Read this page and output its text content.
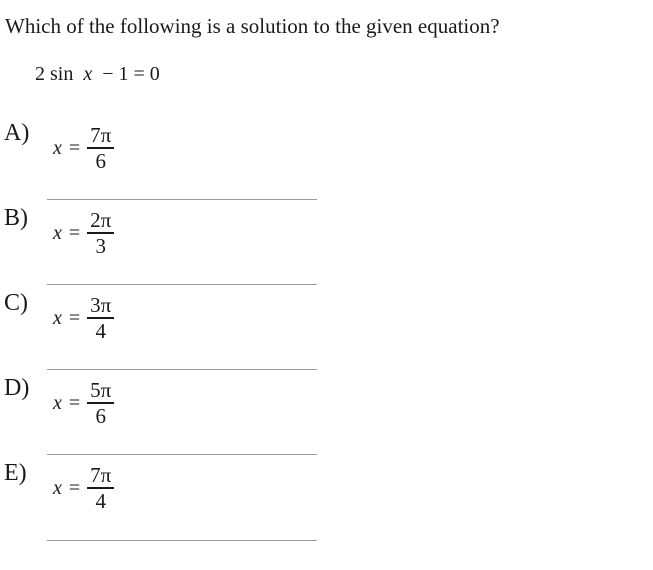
Which of the following is a solution to the given equation?
2 sin x − 1 = 0
A)
$x = \frac{7\pi}{6}$
B)
$x = \frac{2\pi}{3}$
C)
$x = \frac{3\pi}{4}$
D)
$x = \frac{5\pi}{6}$
E)
$x = \frac{7\pi}{4}$
